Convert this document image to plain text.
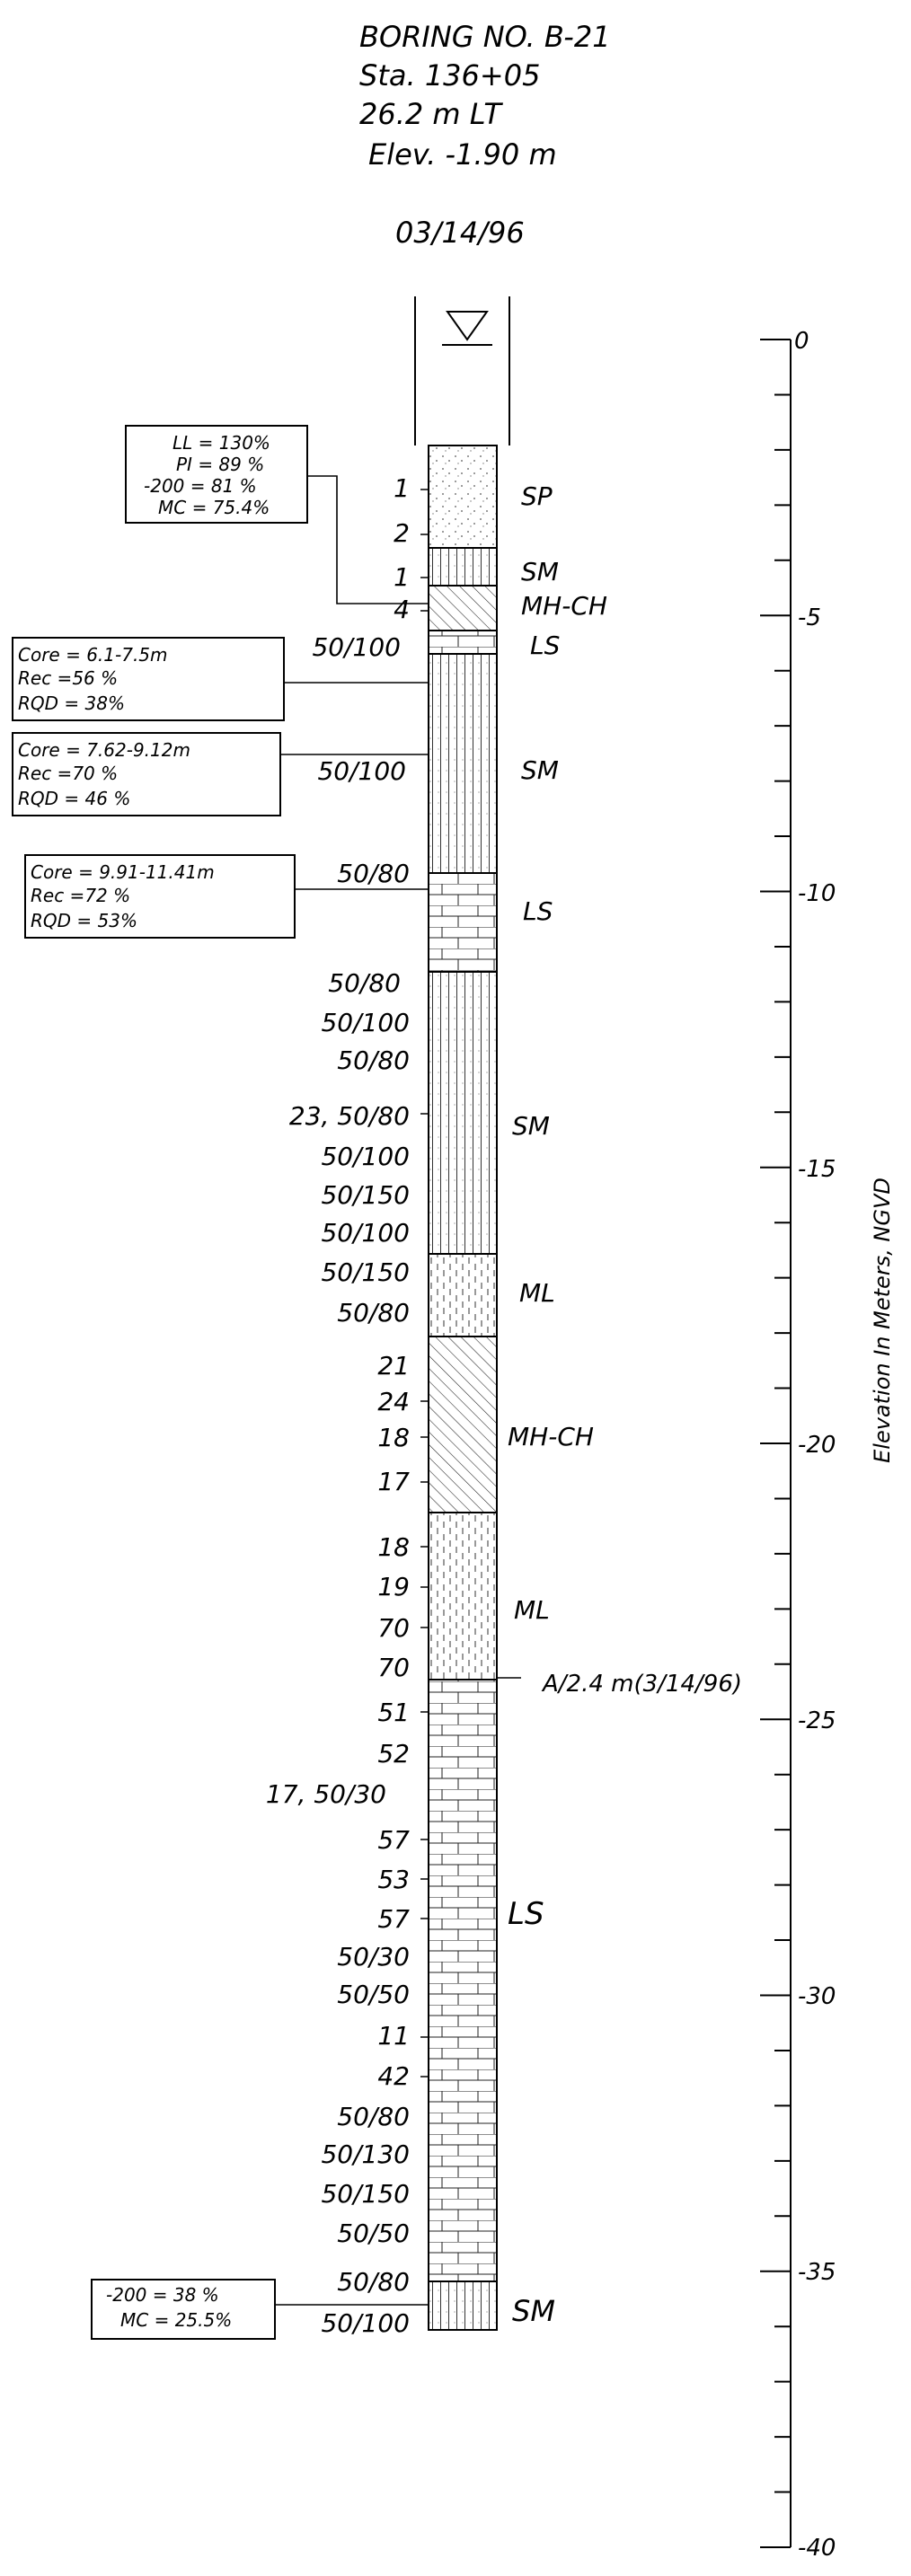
BORING NO. B-21
Sta. 136+05
26.2 m LT
Elev. -1.90 m
03/14/96
SP
SM
MH-CH
LS
SM
LS
SM
ML
MH-CH
ML
LS
SM
1
2
1
4
50/100
50/100
50/80
50/80
50/100
50/80
23, 50/80
50/100
50/150
50/100
50/150
50/80
21
24
18
17
18
19
70
70
51
52
17, 50/30
57
53
57
50/30
50/50
11
42
50/80
50/130
50/150
50/50
50/80
50/100
A/2.4 m(3/14/96)
LL = 130%
PI = 89 %
-200 = 81 %
MC = 75.4%
Core = 6.1-7.5m
Rec =56 %
RQD = 38%
Core = 7.62-9.12m
Rec =70 %
RQD = 46 %
Core = 9.91-11.41m
Rec =72 %
RQD = 53%
-200 = 38 %
MC = 25.5%
0
-5
-10
-15
-20
-25
-30
-35
-40
Elevation In Meters, NGVD
